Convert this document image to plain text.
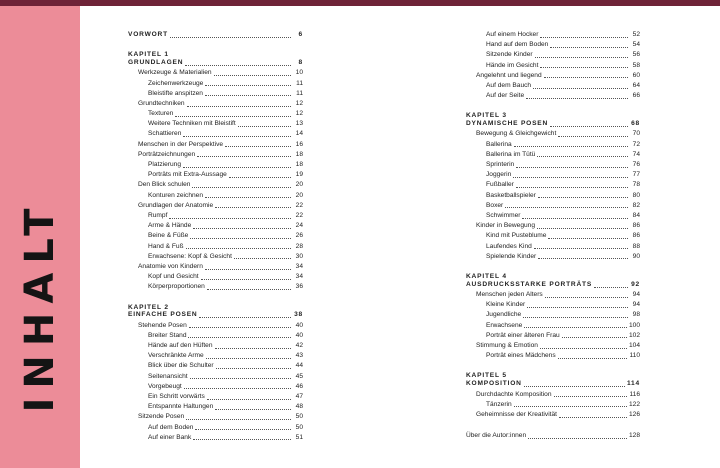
INHALT
VORWORT	6
KAPITEL 1
GRUNDLAGEN	8
Werkzeuge & Materialien	10
Zeichenwerkzeuge	11
Bleistifte anspitzen	11
Grundtechniken	12
Texturen	12
Weitere Techniken mit Bleistift	13
Schattieren	14
Menschen in der Perspektive	16
Porträtzeichnungen	18
Platzierung	18
Porträts mit Extra-Aussage	19
Den Blick schulen	20
Konturen zeichnen	20
Grundlagen der Anatomie	22
Rumpf	22
Arme & Hände	24
Beine & Füße	26
Hand & Fuß	28
Erwachsene: Kopf & Gesicht	30
Anatomie von Kindern	34
Kopf und Gesicht	34
Körperproportionen	36
KAPITEL 2
EINFACHE POSEN	38
Stehende Posen	40
Breiter Stand	40
Hände auf den Hüften	42
Verschränkte Arme	43
Blick über die Schulter	44
Seitenansicht	45
Vorgebeugt	46
Ein Schritt vorwärts	47
Entspannte Haltungen	48
Sitzende Posen	50
Auf dem Boden	50
Auf einer Bank	51
Auf einem Hocker	52
Hand auf dem Boden	54
Sitzende Kinder	56
Hände im Gesicht	58
Angelehnt und liegend	60
Auf dem Bauch	64
Auf der Seite	66
KAPITEL 3
DYNAMISCHE POSEN	68
Bewegung & Gleichgewicht	70
Ballerina	72
Ballerina im Tütü	74
Sprinterin	76
Joggerin	77
Fußballer	78
Basketballspieler	80
Boxer	82
Schwimmer	84
Kinder in Bewegung	86
Kind mit Pusteblume	86
Laufendes Kind	88
Spielende Kinder	90
KAPITEL 4
AUSDRUCKSSTARKE PORTRÄTS	92
Menschen jeden Alters	94
Kleine Kinder	94
Jugendliche	98
Erwachsene	100
Porträt einer älteren Frau	102
Stimmung & Emotion	104
Porträt eines Mädchens	110
KAPITEL 5
KOMPOSITION	114
Durchdachte Komposition	116
Tänzerin	122
Geheimnisse der Kreativität	126
Über die Autor:innen	128
